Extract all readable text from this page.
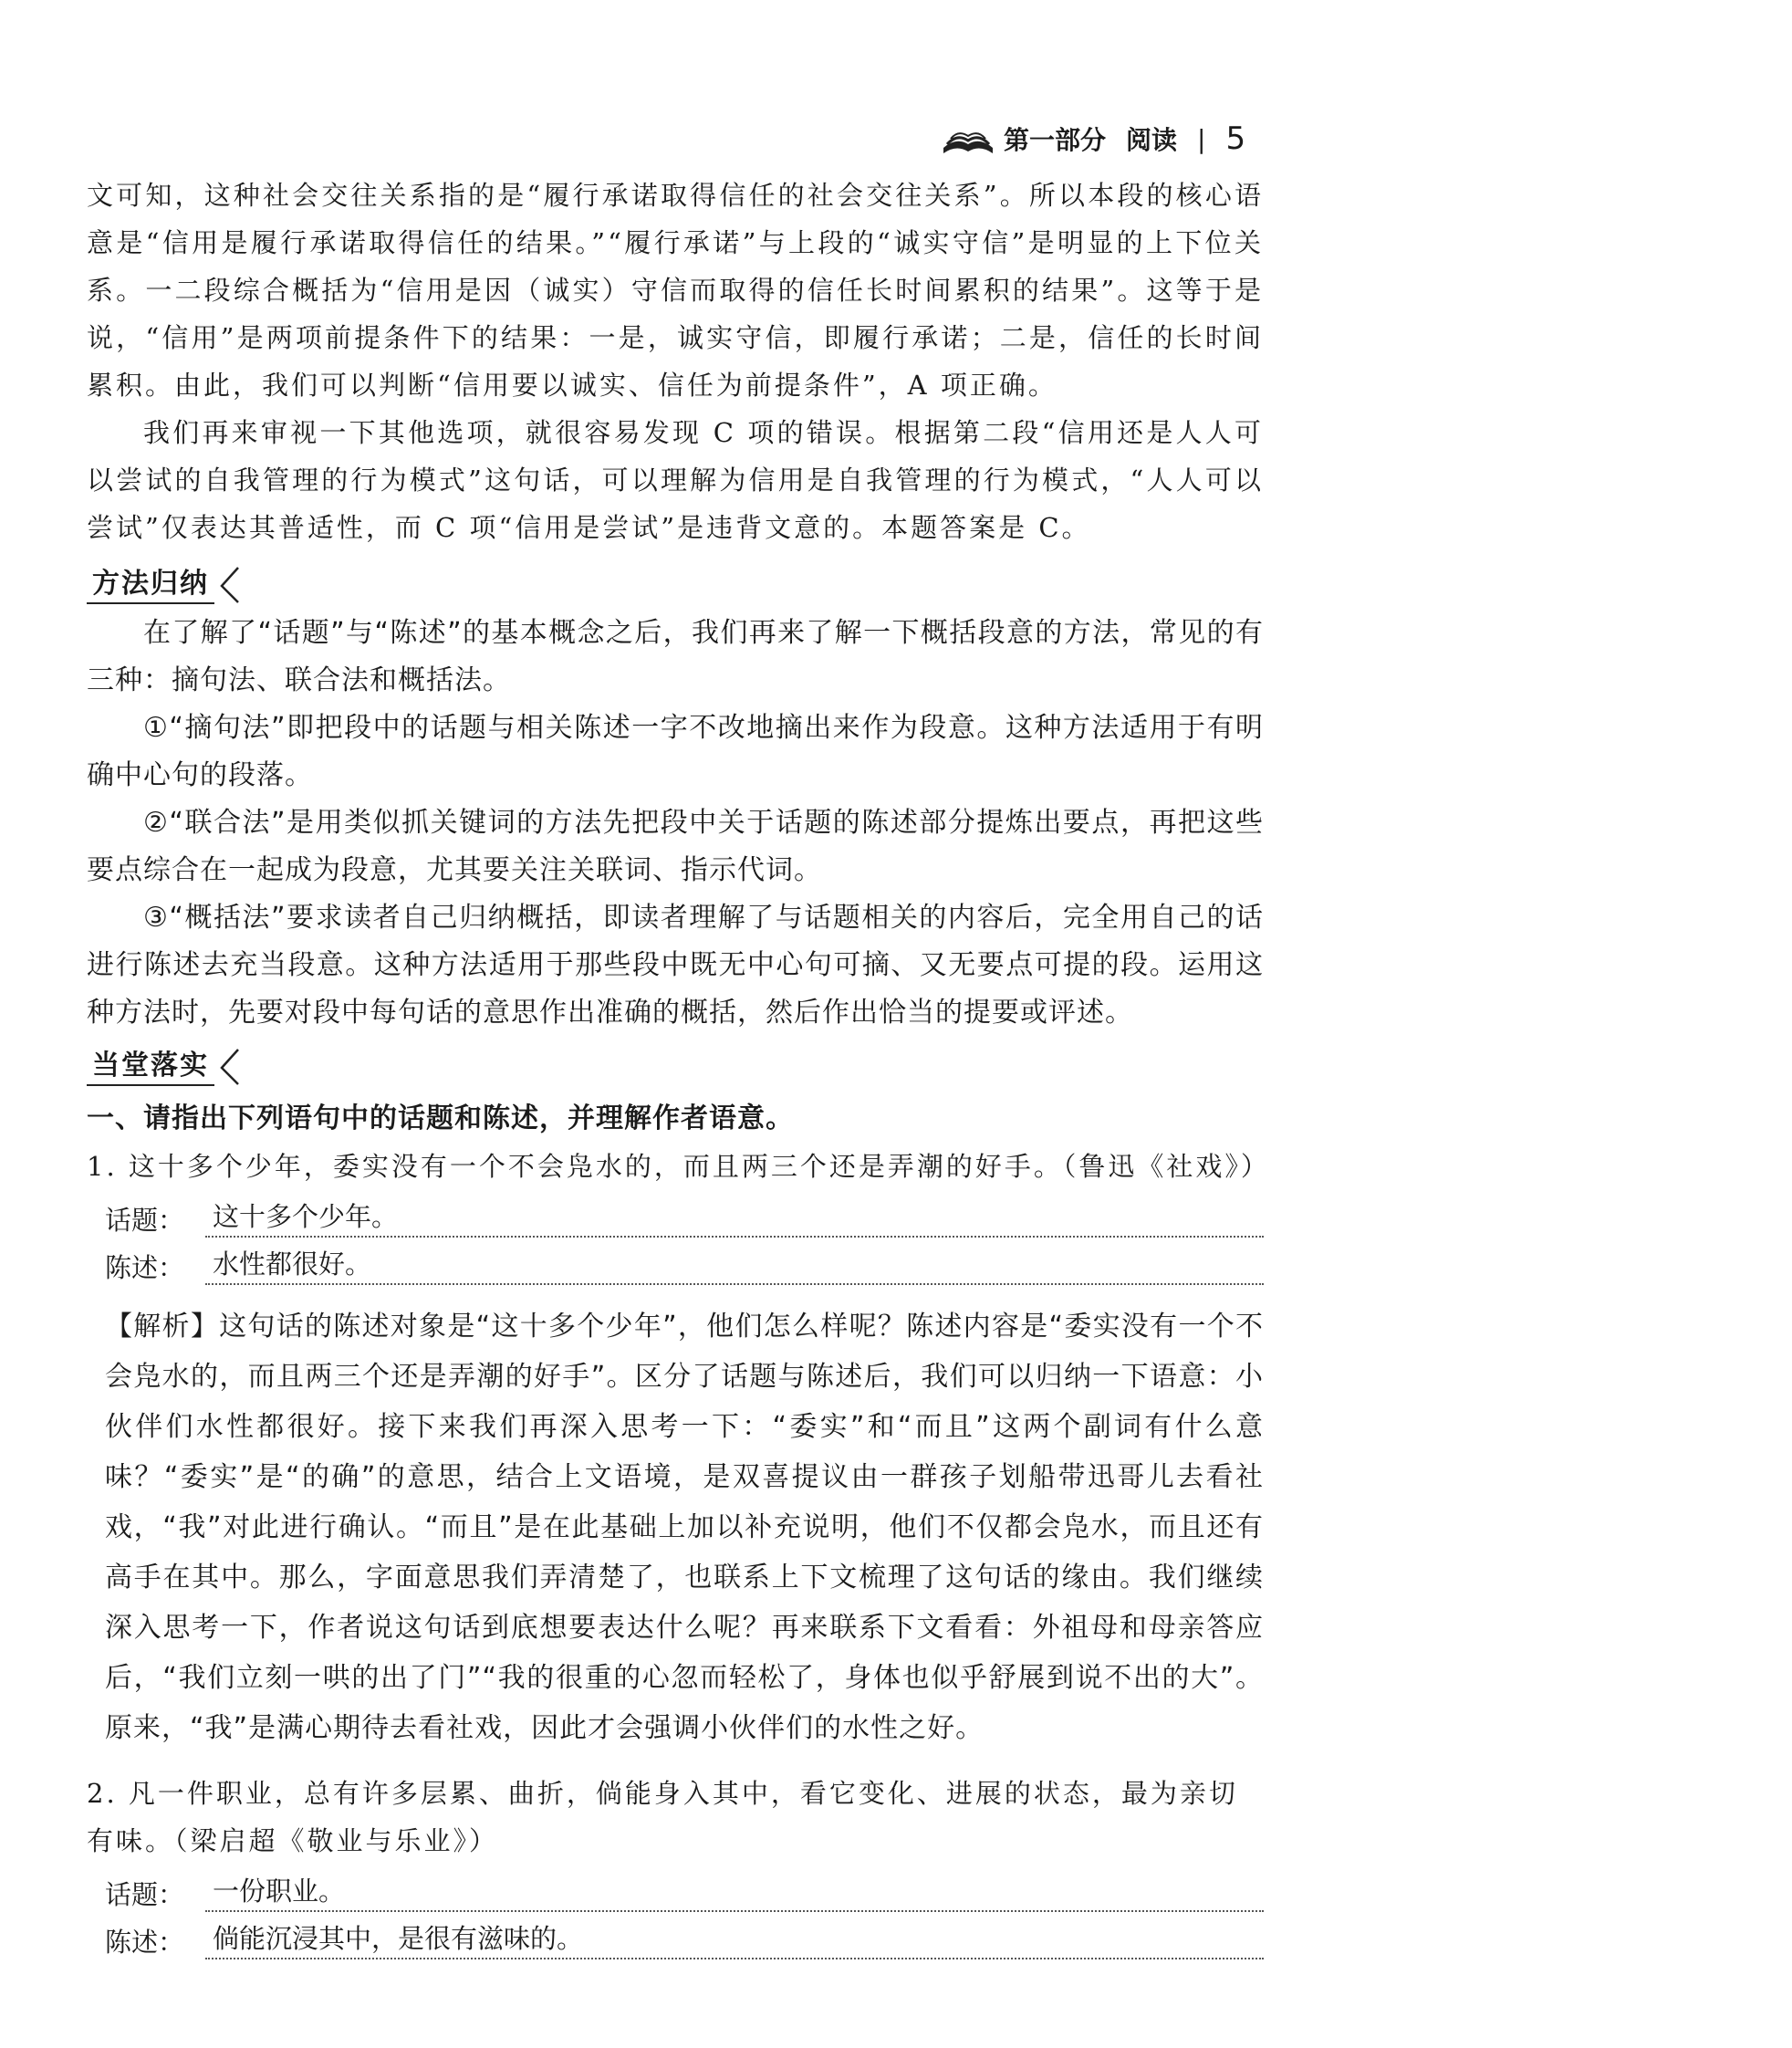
第一部分 阅读 | 5

文可知，这种社会交往关系指的是“履行承诺取得信任的社会交往关系”。所以本段的核心语意是“信用是履行承诺取得信任的结果。”“履行承诺”与上段的“诚实守信”是明显的上下位关系。一二段综合概括为“信用是因（诚实）守信而取得的信任长时间累积的结果”。这等于是说，“信用”是两项前提条件下的结果：一是，诚实守信，即履行承诺；二是，信任的长时间累积。由此，我们可以判断“信用要以诚实、信任为前提条件”，A 项正确。

我们再来审视一下其他选项，就很容易发现 C 项的错误。根据第二段“信用还是人人可以尝试的自我管理的行为模式”这句话，可以理解为信用是自我管理的行为模式，“人人可以尝试”仅表达其普适性，而 C 项“信用是尝试”是违背文意的。本题答案是 C。

方法归纳

在了解了“话题”与“陈述”的基本概念之后，我们再来了解一下概括段意的方法，常见的有三种：摘句法、联合法和概括法。

①“摘句法”即把段中的话题与相关陈述一字不改地摘出来作为段意。这种方法适用于有明确中心句的段落。

②“联合法”是用类似抓关键词的方法先把段中关于话题的陈述部分提炼出要点，再把这些要点综合在一起成为段意，尤其要关注关联词、指示代词。

③“概括法”要求读者自己归纳概括，即读者理解了与话题相关的内容后，完全用自己的话进行陈述去充当段意。这种方法适用于那些段中既无中心句可摘、又无要点可提的段。运用这种方法时，先要对段中每句话的意思作出准确的概括，然后作出恰当的提要或评述。

当堂落实

一、请指出下列语句中的话题和陈述，并理解作者语意。

1. 这十多个少年，委实没有一个不会凫水的，而且两三个还是弄潮的好手。（鲁迅《社戏》）

话题：	这十多个少年。
陈述：	水性都很好。

【解析】这句话的陈述对象是“这十多个少年”，他们怎么样呢？陈述内容是“委实没有一个不会凫水的，而且两三个还是弄潮的好手”。区分了话题与陈述后，我们可以归纳一下语意：小伙伴们水性都很好。接下来我们再深入思考一下：“委实”和“而且”这两个副词有什么意味？“委实”是“的确”的意思，结合上文语境，是双喜提议由一群孩子划船带迅哥儿去看社戏，“我”对此进行确认。“而且”是在此基础上加以补充说明，他们不仅都会凫水，而且还有高手在其中。那么，字面意思我们弄清楚了，也联系上下文梳理了这句话的缘由。我们继续深入思考一下，作者说这句话到底想要表达什么呢？再来联系下文看看：外祖母和母亲答应后，“我们立刻一哄的出了门”“我的很重的心忽而轻松了，身体也似乎舒展到说不出的大”。原来，“我”是满心期待去看社戏，因此才会强调小伙伴们的水性之好。

2. 凡一件职业，总有许多层累、曲折，倘能身入其中，看它变化、进展的状态，最为亲切有味。（梁启超《敬业与乐业》）

话题：	一份职业。
陈述：	倘能沉浸其中，是很有滋味的。
